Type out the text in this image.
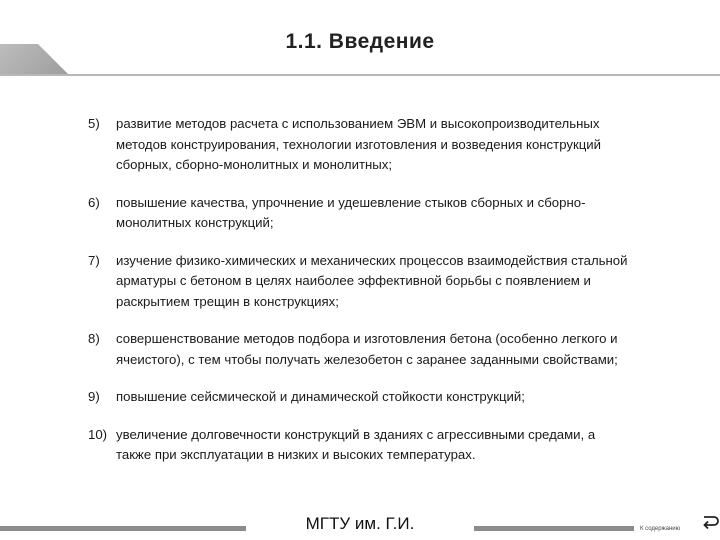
1.1. Введение
5)	развитие методов расчета с использованием ЭВМ и высокопроизводительных
методов конструирования, технологии изготовления и возведения конструкций
сборных, сборно-монолитных и монолитных;
6)	повышение качества, упрочнение и удешевление стыков сборных и сборно-
монолитных конструкций;
7)	изучение физико-химических и механических процессов взаимодействия стальной
арматуры с бетоном в целях наиболее эффективной борьбы с появлением и
раскрытием трещин в конструкциях;
8)	совершенствование методов подбора и изготовления бетона (особенно легкого и
ячеистого), с тем чтобы получать железобетон с заранее заданными свойствами;
9)	повышение сейсмической и динамической стойкости конструкций;
10) увеличение долговечности конструкций в зданиях с агрессивными средами, а
также при эксплуатации в низких и высоких температурах.
МГТУ им. Г.И.	К содержанию
